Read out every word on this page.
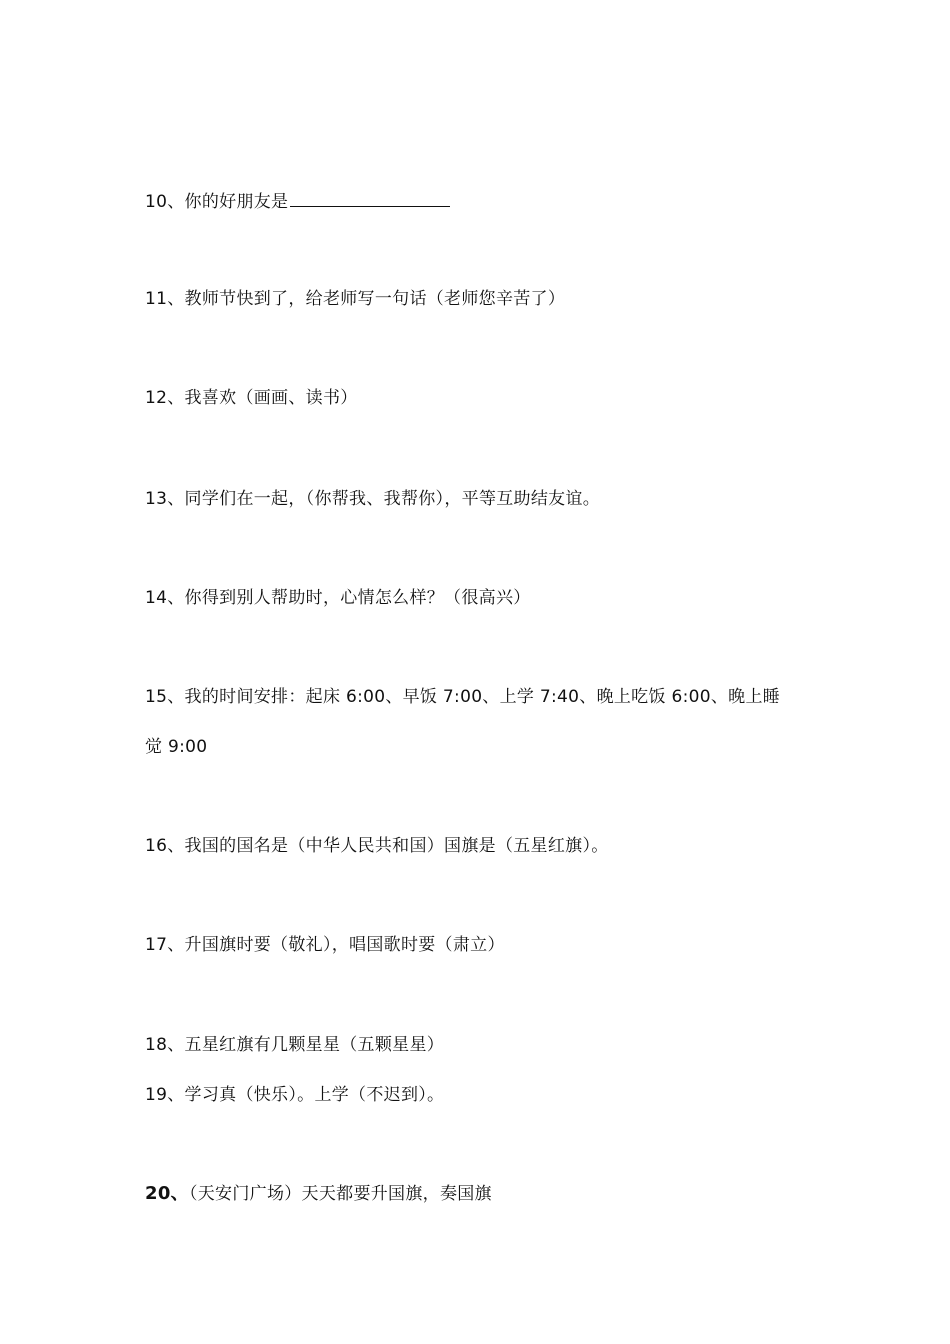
10、你的好朋友是
11、教师节快到了，给老师写一句话（老师您辛苦了）
12、我喜欢（画画、读书）
13、同学们在一起，（你帮我、我帮你），平等互助结友谊。
14、你得到别人帮助时，心情怎么样？（很高兴）
15、我的时间安排：起床 6:00、早饭 7:00、上学 7:40、晚上吃饭 6:00、晚上睡
觉 9:00
16、我国的国名是（中华人民共和国）国旗是（五星红旗）。
17、升国旗时要（敬礼），唱国歌时要（肃立）
18、五星红旗有几颗星星（五颗星星）
19、学习真（快乐）。上学（不迟到）。
20、（天安门广场）天天都要升国旗，奏国旗
